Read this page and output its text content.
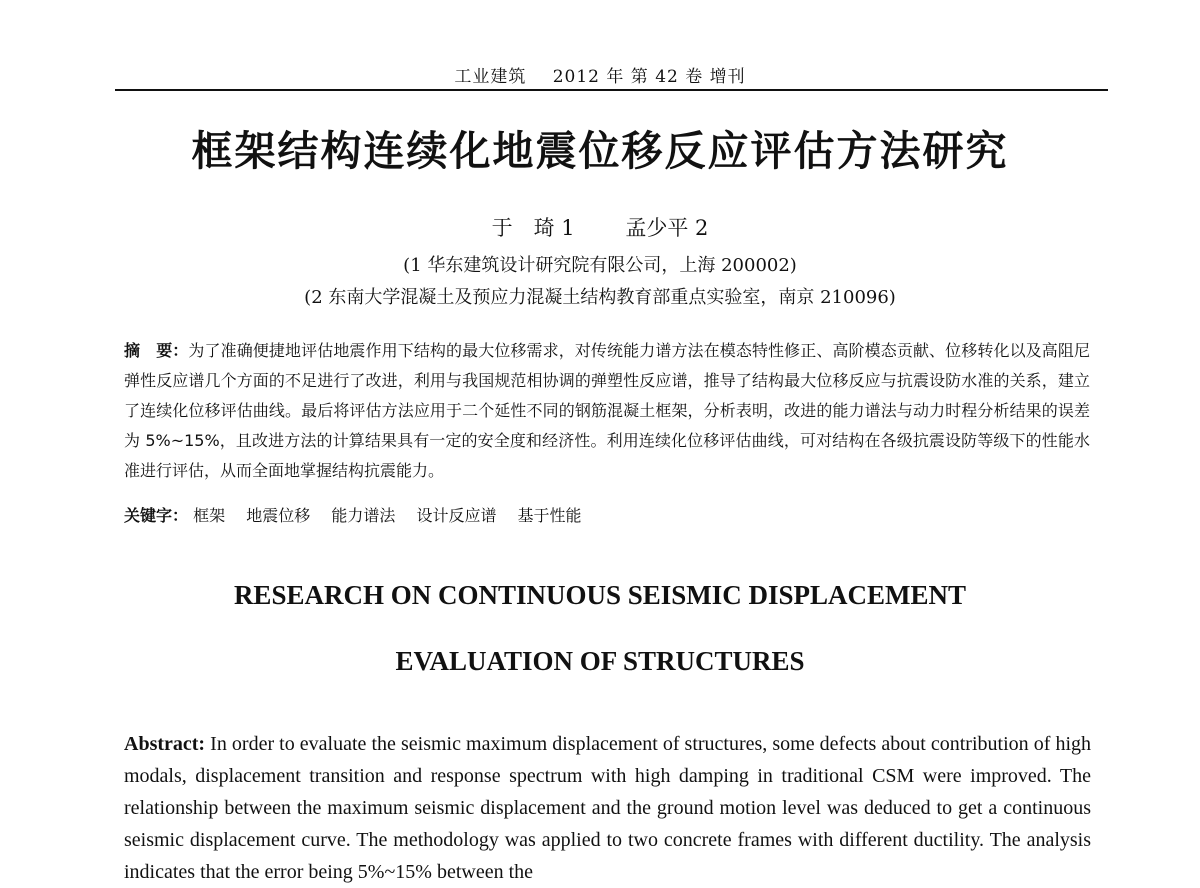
工业建筑 2012 年 第 42 卷 增刊
框架结构连续化地震位移反应评估方法研究
于　琦 1 孟少平 2
(1 华东建筑设计研究院有限公司，上海 200002)
(2 东南大学混凝土及预应力混凝土结构教育部重点实验室，南京 210096)
摘　要：为了准确便捷地评估地震作用下结构的最大位移需求，对传统能力谱方法在模态特性修正、高阶模态贡献、位移转化以及高阻尼弹性反应谱几个方面的不足进行了改进，利用与我国规范相协调的弹塑性反应谱，推导了结构最大位移反应与抗震设防水准的关系，建立了连续化位移评估曲线。最后将评估方法应用于二个延性不同的钢筋混凝土框架，分析表明，改进的能力谱法与动力时程分析结果的误差为 5%~15%，且改进方法的计算结果具有一定的安全度和经济性。利用连续化位移评估曲线，可对结构在各级抗震设防等级下的性能水准进行评估，从而全面地掌握结构抗震能力。
关键字： 框架 地震位移 能力谱法 设计反应谱 基于性能
RESEARCH ON CONTINUOUS SEISMIC DISPLACEMENT
EVALUATION OF STRUCTURES
Abstract: In order to evaluate the seismic maximum displacement of structures, some defects about contribution of high modals, displacement transition and response spectrum with high damping in traditional CSM were improved. The relationship between the maximum seismic displacement and the ground motion level was deduced to get a continuous seismic displacement curve. The methodology was applied to two concrete frames with different ductility. The analysis indicates that the error being 5%~15% between the
